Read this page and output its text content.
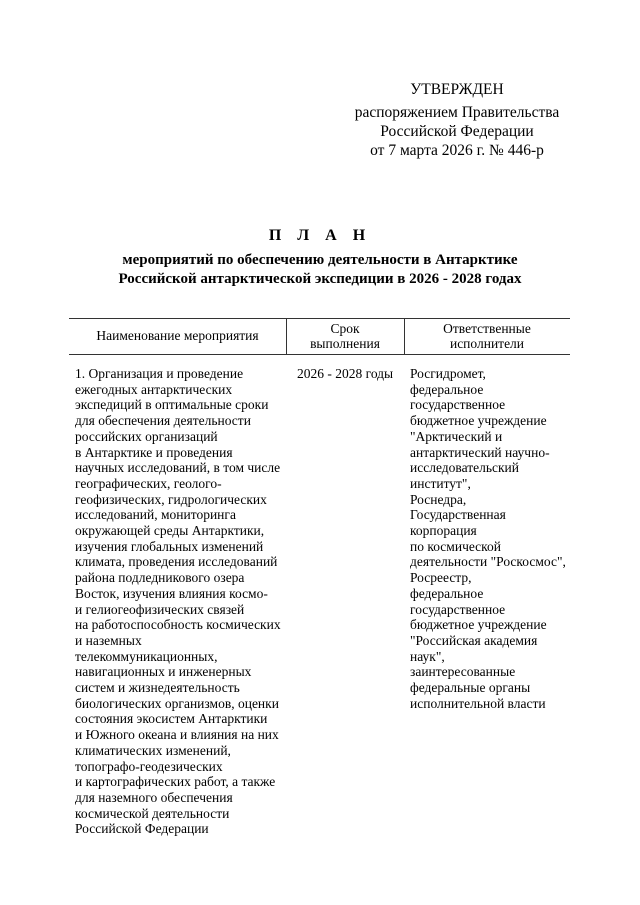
УТВЕРЖДЕН
распоряжением Правительства
Российской Федерации
от 7 марта 2026 г. № 446-р
П Л А Н
мероприятий по обеспечению деятельности в Антарктике
Российской антарктической экспедиции в 2026 - 2028 годах
Наименование мероприятия	Срок
выполнения
Ответственные
исполнители
1. Организация и проведение
ежегодных антарктических
экспедиций в оптимальные сроки
для обеспечения деятельности
российских организаций
в Антарктике и проведения
научных исследований, в том числе
географических, геолого-
геофизических, гидрологических
исследований, мониторинга
окружающей среды Антарктики,
изучения глобальных изменений
климата, проведения исследований
района подледникового озера
Восток, изучения влияния космо-
и гелиогеофизических связей
на работоспособность космических
и наземных
телекоммуникационных,
навигационных и инженерных
систем и жизнедеятельность
биологических организмов, оценки
состояния экосистем Антарктики
и Южного океана и влияния на них
климатических изменений,
топографо-геодезических
и картографических работ, а также
для наземного обеспечения
космической деятельности
Российской Федерации
2026 - 2028 годы Росгидромет,
федеральное
государственное
бюджетное учреждение
"Арктический и
антарктический научно-
исследовательский
институт",
Роснедра,
Государственная
корпорация
по космической
деятельности "Роскосмос",
Росреестр,
федеральное
государственное
бюджетное учреждение
"Российская академия
наук",
заинтересованные
федеральные органы
исполнительной власти
